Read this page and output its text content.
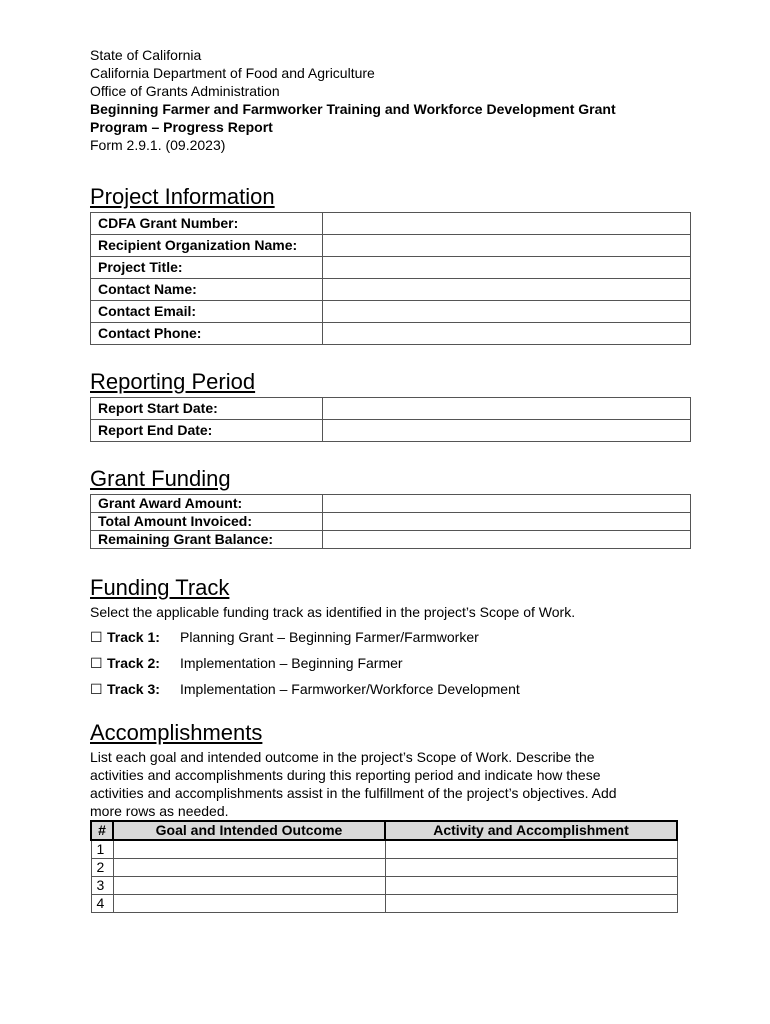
State of California
California Department of Food and Agriculture
Office of Grants Administration
Beginning Farmer and Farmworker Training and Workforce Development Grant
Program – Progress Report
Form 2.9.1. (09.2023)
Project Information
CDFA Grant Number:	
Recipient Organization Name:	
Project Title:	
Contact Name:	
Contact Email:	
Contact Phone:	
Reporting Period
Report Start Date:	
Report End Date:	
Grant Funding
Grant Award Amount:	
Total Amount Invoiced:	
Remaining Grant Balance:	
Funding Track
Select the applicable funding track as identified in the project’s Scope of Work.
☐ Track 1: Planning Grant – Beginning Farmer/Farmworker
☐ Track 2: Implementation – Beginning Farmer
☐ Track 3: Implementation – Farmworker/Workforce Development
Accomplishments
List each goal and intended outcome in the project’s Scope of Work. Describe the
activities and accomplishments during this reporting period and indicate how these
activities and accomplishments assist in the fulfillment of the project’s objectives. Add
more rows as needed.
#	Goal and Intended Outcome	Activity and Accomplishment
1		
2		
3		
4		
